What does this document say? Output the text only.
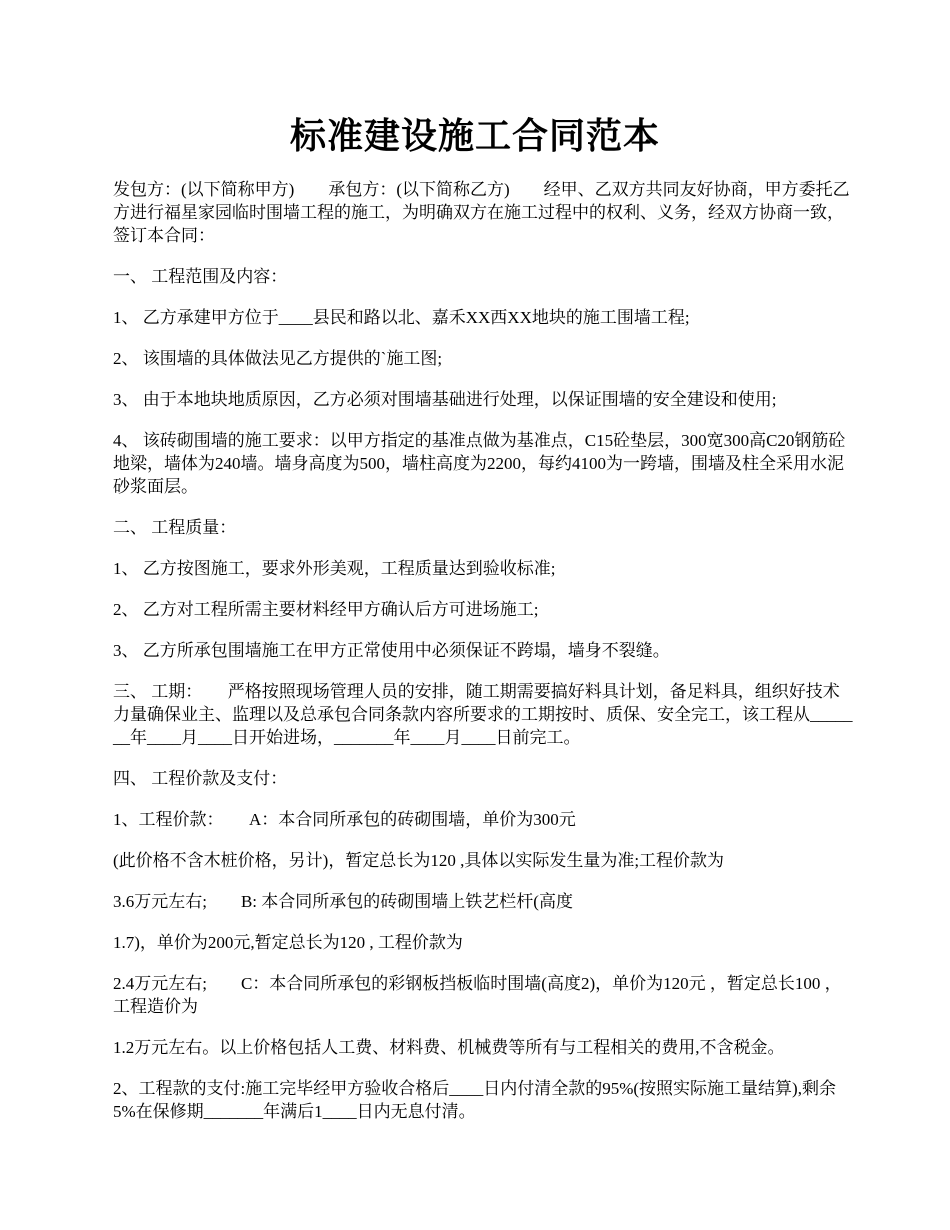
标准建设施工合同范本

发包方：(以下简称甲方)　　承包方：(以下简称乙方)　　经甲、乙双方共同友好协商，甲方委托乙方进行福星家园临时围墙工程的施工，为明确双方在施工过程中的权利、义务，经双方协商一致，签订本合同：

一、 工程范围及内容：

1、 乙方承建甲方位于____县民和路以北、嘉禾XX西XX地块的施工围墙工程;

2、 该围墙的具体做法见乙方提供的`施工图;

3、 由于本地块地质原因，乙方必须对围墙基础进行处理，以保证围墙的安全建设和使用;

4、 该砖砌围墙的施工要求：以甲方指定的基准点做为基准点，C15砼垫层，300宽300高C20钢筋砼地梁，墙体为240墙。墙身高度为500，墙柱高度为2200，每约4100为一跨墙，围墙及柱全采用水泥砂浆面层。

二、 工程质量：

1、 乙方按图施工，要求外形美观，工程质量达到验收标准;

2、 乙方对工程所需主要材料经甲方确认后方可进场施工;

3、 乙方所承包围墙施工在甲方正常使用中必须保证不跨塌，墙身不裂缝。

三、 工期：　　严格按照现场管理人员的安排，随工期需要搞好料具计划，备足料具，组织好技术力量确保业主、监理以及总承包合同条款内容所要求的工期按时、质保、安全完工，该工程从_______年____月____日开始进场，_______年____月____日前完工。

四、 工程价款及支付：

1、工程价款：　　A：本合同所承包的砖砌围墙，单价为300元

(此价格不含木桩价格，另计)，暂定总长为120 ,具体以实际发生量为准;工程价款为

3.6万元左右;　　B: 本合同所承包的砖砌围墙上铁艺栏杆(高度

1.7)，单价为200元,暂定总长为120 , 工程价款为

2.4万元左右;　　C：本合同所承包的彩钢板挡板临时围墙(高度2)，单价为120元 ，暂定总长100 ，工程造价为

1.2万元左右。以上价格包括人工费、材料费、机械费等所有与工程相关的费用,不含税金。

2、工程款的支付:施工完毕经甲方验收合格后____日内付清全款的95%(按照实际施工量结算),剩余5%在保修期_______年满后1____日内无息付清。
